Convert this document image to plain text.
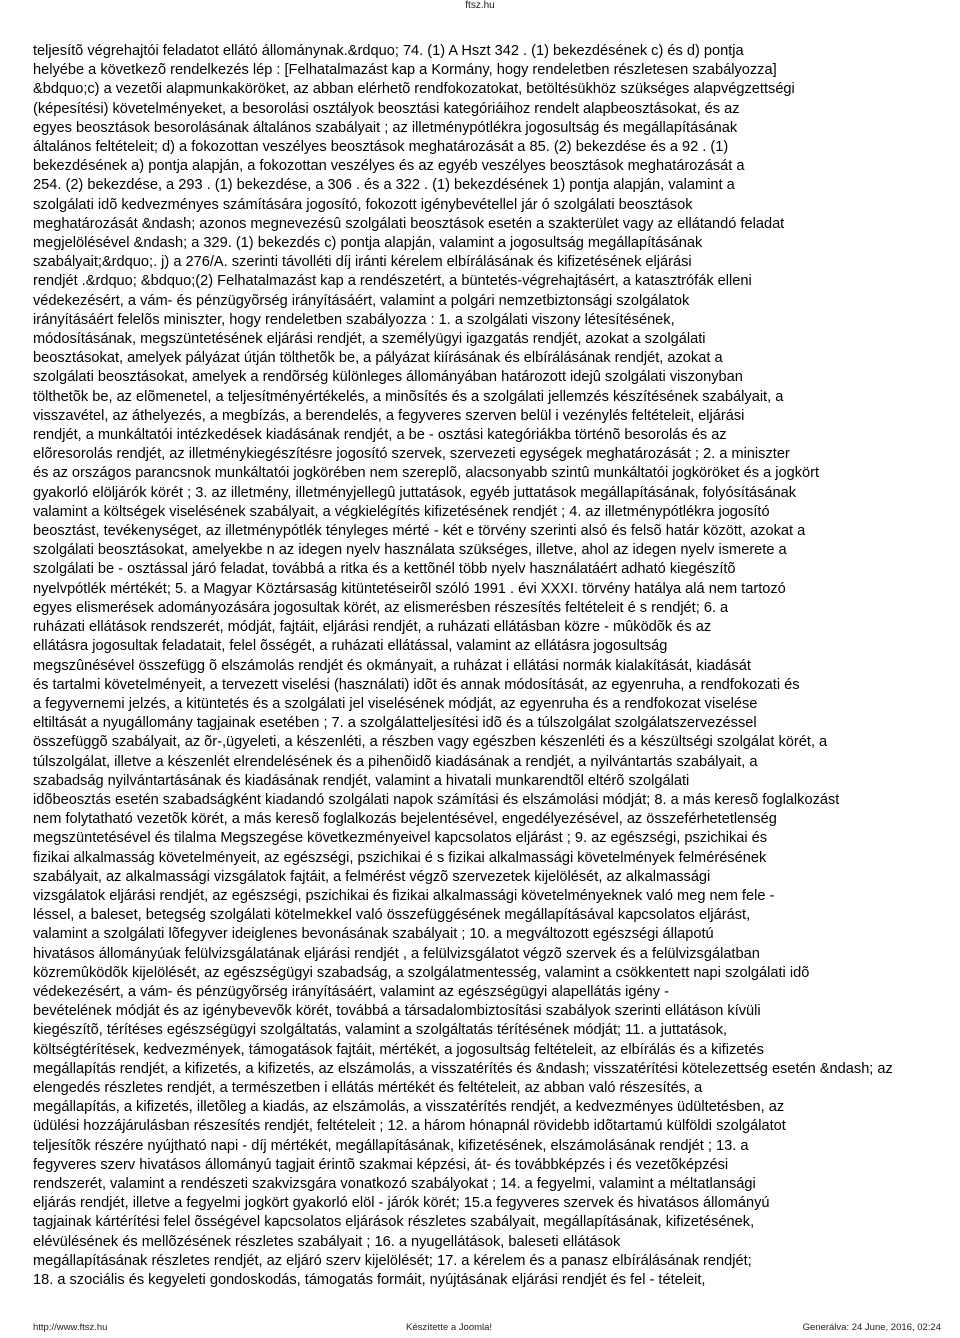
ftsz.hu

teljesítõ végrehajtói feladatot ellátó állománynak.&rdquo; 74. (1) A Hszt 342 . (1) bekezdésének c) és d) pontja

helyébe a következõ rendelkezés lép : [Felhatalmazást kap a Kormány, hogy rendeletben részletesen szabályozza]

&bdquo;c) a vezetõi alapmunkaköröket, az abban elérhetõ rendfokozatokat, betöltésükhöz szükséges alapvégzettségi

(képesítési) követelményeket, a besorolási osztályok beosztási kategóriáihoz rendelt alapbeosztásokat, és az

egyes beosztások besorolásának általános szabályait ; az illetménypótlékra jogosultság és megállapításának

általános feltételeit; d) a fokozottan veszélyes beosztások meghatározását a 85. (2) bekezdése és a 92 . (1)

bekezdésének a) pontja alapján, a fokozottan veszélyes és az egyéb veszélyes beosztások meghatározását a

254. (2) bekezdése, a 293 . (1) bekezdése, a 306 . és a 322 . (1) bekezdésének 1) pontja alapján, valamint a

szolgálati idõ kedvezményes számítására jogosító, fokozott igénybevétellel jár ó szolgálati beosztások

meghatározását &ndash; azonos megnevezésû szolgálati beosztások esetén a szakterület vagy az ellátandó feladat

megjelölésével &ndash; a 329. (1) bekezdés c) pontja alapján, valamint a jogosultság megállapításának

szabályait;&rdquo;. j) a 276/A. szerinti távolléti díj iránti kérelem elbírálásának és kifizetésének eljárási

rendjét .&rdquo; &bdquo;(2) Felhatalmazást kap a rendészetért, a büntetés-végrehajtásért, a katasztrófák elleni

védekezésért, a vám- és pénzügyõrség irányításáért, valamint a polgári nemzetbiztonsági szolgálatok

irányításáért felelõs miniszter, hogy rendeletben szabályozza : 1. a szolgálati viszony létesítésének,

módosításának, megszüntetésének eljárási rendjét, a személyügyi igazgatás rendjét, azokat a szolgálati

beosztásokat, amelyek pályázat útján tölthetõk be, a pályázat kiírásának és elbírálásának rendjét, azokat a

szolgálati beosztásokat, amelyek a rendõrség különleges állományában határozott idejû szolgálati viszonyban

tölthetõk be, az elõmenetel, a teljesítményértékelés, a minõsítés és a szolgálati jellemzés készítésének szabályait, a

visszavétel, az áthelyezés, a megbízás, a berendelés, a fegyveres szerven belül i vezénylés feltételeit, eljárási

rendjét, a munkáltatói intézkedések kiadásának rendjét, a be - osztási kategóriákba történõ besorolás és az

elõresorolás rendjét, az illetménykiegészítésre jogosító szervek, szervezeti egységek meghatározását ; 2. a miniszter

és az országos parancsnok munkáltatói jogkörében nem szereplõ, alacsonyabb szintû munkáltatói jogköröket és a jogkört

gyakorló elöljárók körét ; 3. az illetmény, illetményjellegû juttatások, egyéb juttatások megállapításának, folyósításának

valamint a költségek viselésének szabályait, a végkielégítés kifizetésének rendjét ; 4. az illetménypótlékra jogosító

beosztást, tevékenységet, az illetménypótlék tényleges mérté - két e törvény szerinti alsó és felsõ határ között, azokat a

szolgálati beosztásokat, amelyekbe n az idegen nyelv használata szükséges, illetve, ahol az idegen nyelv ismerete a

szolgálati be - osztással járó feladat, továbbá a ritka és a kettõnél több nyelv használatáért adható kiegészítõ

nyelvpótlék mértékét; 5. a Magyar Köztársaság kitüntetéseirõl szóló 1991 . évi XXXI. törvény hatálya alá nem tartozó

egyes elismerések adományozására jogosultak körét, az elismerésben részesítés feltételeit é s rendjét; 6. a

ruházati ellátások rendszerét, módját, fajtáit, eljárási rendjét, a ruházati ellátásban közre - mûködõk és az

ellátásra jogosultak feladatait, felel õsségét, a ruházati ellátással, valamint az ellátásra jogosultság

megszûnésével összefügg õ elszámolás rendjét és okmányait, a ruházat i ellátási normák kialakítását, kiadását

és tartalmi követelményeit, a tervezett viselési (használati) idõt és annak módosítását, az egyenruha, a rendfokozati és

a fegyvernemi jelzés, a kitüntetés és a szolgálati jel viselésének módját, az egyenruha és a rendfokozat viselése

eltiltását a nyugállomány tagjainak esetében ; 7. a szolgálatteljesítési idõ és a túlszolgálat szolgálatszervezéssel

összefüggõ szabályait, az õr-,ügyeleti, a készenléti, a részben vagy egészben készenléti és a készültségi szolgálat körét, a

túlszolgálat, illetve a készenlét elrendelésének és a pihenõidõ kiadásának a rendjét, a nyilvántartás szabályait, a

szabadság nyilvántartásának és kiadásának rendjét, valamint a hivatali munkarendtõl eltérõ szolgálati

idõbeosztás esetén szabadságként kiadandó szolgálati napok számítási és elszámolási módját; 8. a más keresõ foglalkozást

nem folytatható vezetõk körét, a más keresõ foglalkozás bejelentésével, engedélyezésével, az összeférhetetlenség

megszüntetésével és tilalma Megszegése következményeivel kapcsolatos eljárást ; 9. az egészségi, pszichikai és

fizikai alkalmasság követelményeit, az egészségi, pszichikai é s fizikai alkalmassági követelmények felmérésének

szabályait, az alkalmassági vizsgálatok fajtáit, a felmérést végzõ szervezetek kijelölését, az alkalmassági

vizsgálatok eljárási rendjét, az egészségi, pszichikai és fizikai alkalmassági követelményeknek való meg nem fele -

léssel, a baleset, betegség szolgálati kötelmekkel való összefüggésének megállapításával kapcsolatos eljárást,

valamint a szolgálati lõfegyver ideiglenes bevonásának szabályait ; 10. a megváltozott egészségi állapotú

hivatásos állományúak felülvizsgálatának eljárási rendjét , a felülvizsgálatot végzõ szervek és a felülvizsgálatban

közremûködõk kijelölését, az egészségügyi szabadság, a szolgálatmentesség, valamint a csökkentett napi szolgálati idõ

védekezésért, a vám- és pénzügyõrség irányításáért, valamint az egészségügyi alapellátás igény -

bevételének módját és az igénybevevõk körét, továbbá a társadalombiztosítási szabályok szerinti ellátáson kívüli

kiegészítõ, térítéses egészségügyi szolgáltatás, valamint a szolgáltatás térítésének módját; 11. a juttatások,

költségtérítések, kedvezmények, támogatások fajtáit, mértékét, a jogosultság feltételeit, az elbírálás és a kifizetés

megállapítás rendjét, a kifizetés, a kifizetés, az elszámolás, a visszatérítés és &ndash; visszatérítési kötelezettség esetén &ndash; az

elengedés részletes rendjét, a természetben i ellátás mértékét és feltételeit, az abban való részesítés, a

megállapítás, a kifizetés, illetõleg a kiadás, az elszámolás, a visszatérítés rendjét, a kedvezményes üdültetésben, az

üdülési hozzájárulásban részesítés rendjét, feltételeit ; 12. a három hónapnál rövidebb idõtartamú külföldi szolgálatot

teljesítõk részére nyújtható napi - díj mértékét, megállapításának, kifizetésének, elszámolásának rendjét ; 13. a

fegyveres szerv hivatásos állományú tagjait érintõ szakmai képzési, át- és továbbképzés i és vezetõképzési

rendszerét, valamint a rendészeti szakvizsgára vonatkozó szabályokat ; 14. a fegyelmi, valamint a méltatlansági

eljárás rendjét, illetve a fegyelmi jogkört gyakorló elöl - járók körét; 15.a fegyveres szervek és hivatásos állományú

tagjainak kártérítési felel õsségével kapcsolatos eljárások részletes szabályait, megállapításának, kifizetésének,

elévülésének és mellõzésének részletes szabályait ; 16. a nyugellátások, baleseti ellátások

megállapításának részletes rendjét, az eljáró szerv kijelölését; 17. a kérelem és a panasz elbírálásának rendjét;

18. a szociális és kegyeleti gondoskodás, támogatás formáit, nyújtásának eljárási rendjét és fel - tételeit,

http://www.ftsz.hu	Készítette a Joomla!	Generálva: 24 June, 2016, 02:24
